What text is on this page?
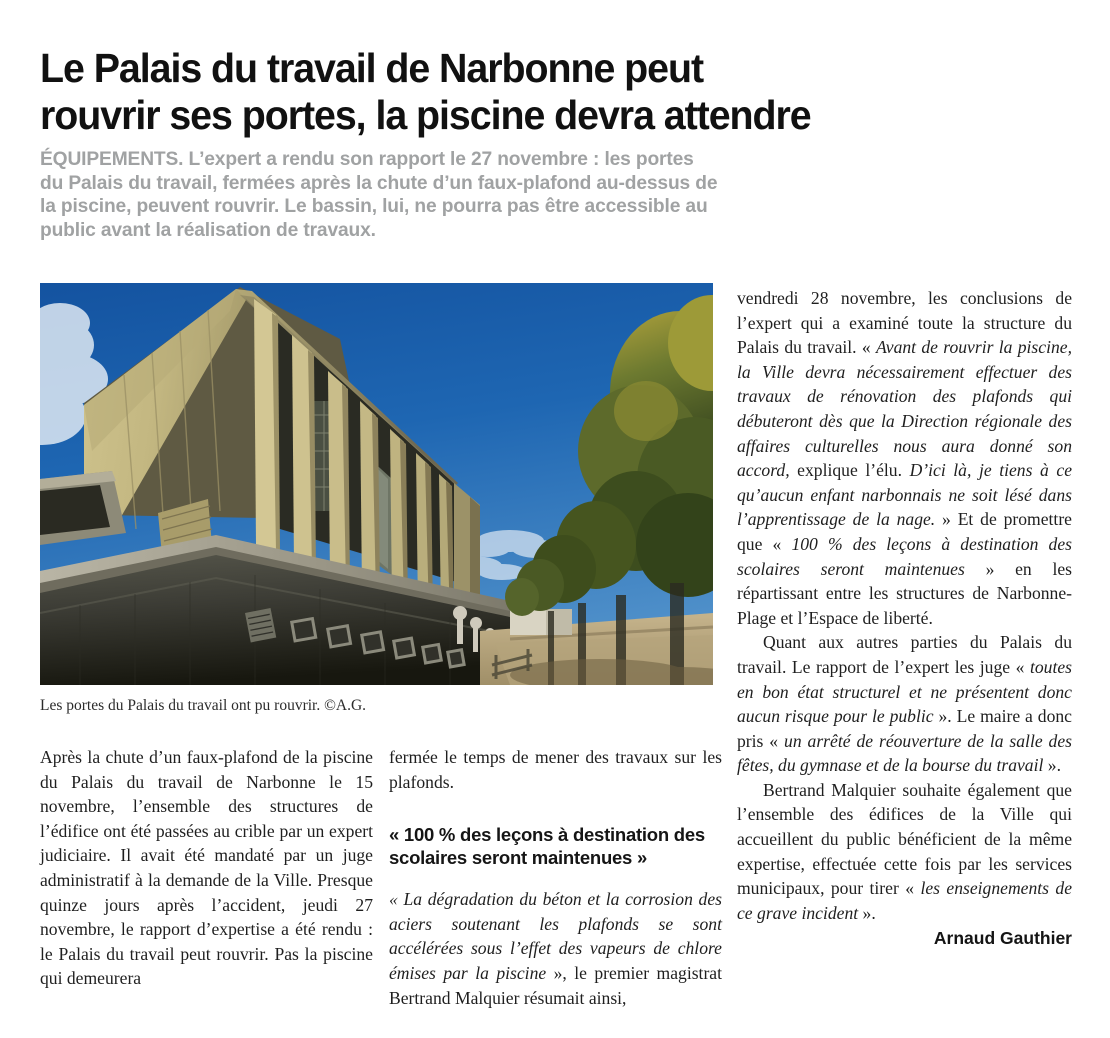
Le Palais du travail de Narbonne peut
rouvrir ses portes, la piscine devra attendre
ÉQUIPEMENTS. L’expert a rendu son rapport le 27 novembre : les portes du Palais du travail, fermées après la chute d’un faux-plafond au-dessus de la piscine, peuvent rouvrir. Le bassin, lui, ne pourra pas être accessible au public avant la réalisation de travaux.
Les portes du Palais du travail ont pu rouvrir. ©A.G.

Après la chute d’un faux-plafond de la piscine du Palais du travail de Narbonne le 15 novembre, l’ensemble des structures de l’édifice ont été passées au crible par un expert judiciaire. Il avait été mandaté par un juge administratif à la demande de la Ville. Presque quinze jours après l’accident, jeudi 27 novembre, le rapport d’expertise a été rendu : le Palais du travail peut rouvrir. Pas la piscine qui demeurera

fermée le temps de mener des travaux sur les plafonds.

« 100 % des leçons à destination des scolaires seront maintenues »

« La dégradation du béton et la corrosion des aciers soutenant les plafonds se sont accélérées sous l’effet des vapeurs de chlore émises par la piscine », le premier magistrat Bertrand Malquier résumait ainsi,

vendredi 28 novembre, les conclusions de l’expert qui a examiné toute la structure du Palais du travail. « Avant de rouvrir la piscine, la Ville devra nécessairement effectuer des travaux de rénovation des plafonds qui débuteront dès que la Direction régionale des affaires culturelles nous aura donné son accord, explique l’élu. D’ici là, je tiens à ce qu’aucun enfant narbonnais ne soit lésé dans l’apprentissage de la nage. » Et de promettre que « 100 % des leçons à destination des scolaires seront maintenues » en les répartissant entre les structures de Narbonne-Plage et l’Espace de liberté.

Quant aux autres parties du Palais du travail. Le rapport de l’expert les juge « toutes en bon état structurel et ne présentent donc aucun risque pour le public ». Le maire a donc pris « un arrêté de réouverture de la salle des fêtes, du gymnase et de la bourse du travail ».

Bertrand Malquier souhaite également que l’ensemble des édifices de la Ville qui accueillent du public bénéficient de la même expertise, effectuée cette fois par les services municipaux, pour tirer « les enseignements de ce grave incident ».

Arnaud Gauthier
